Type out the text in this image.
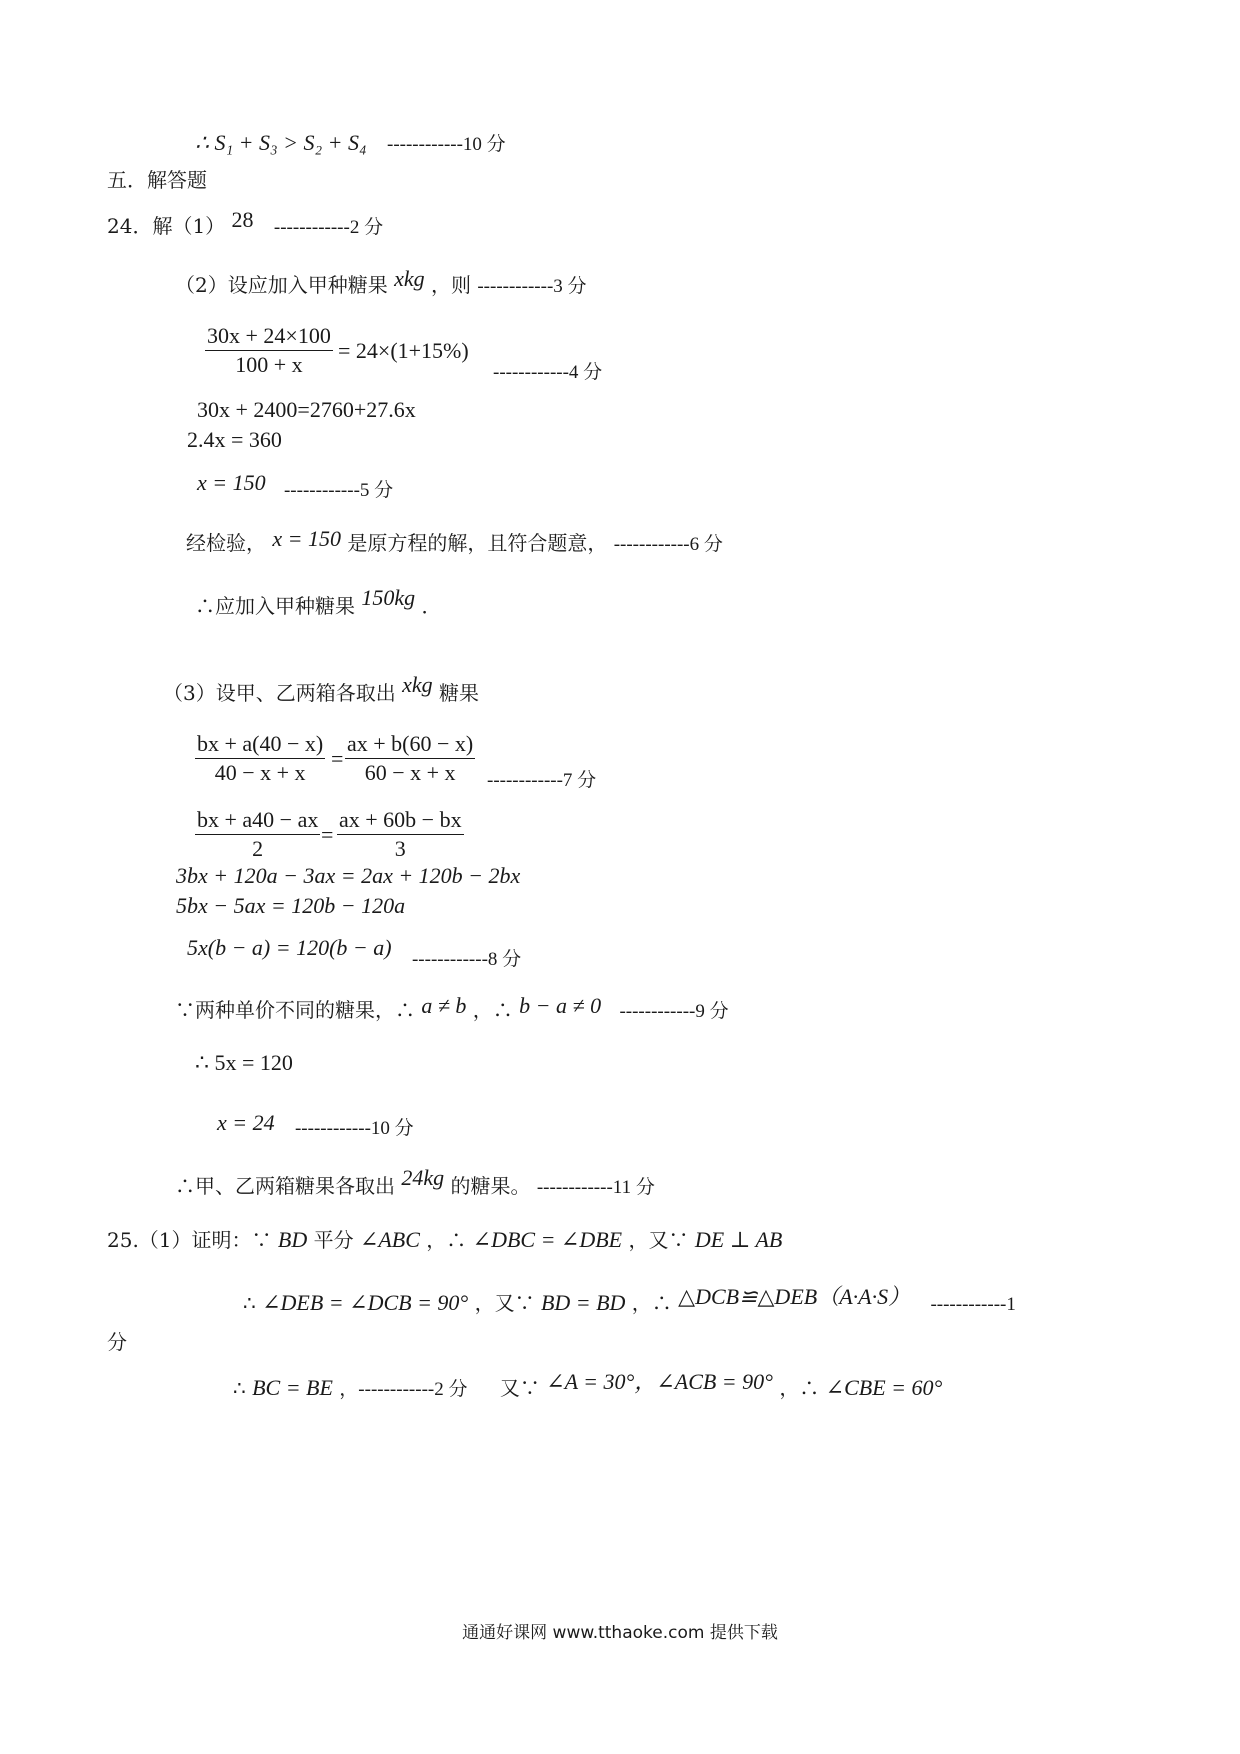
∴ S₁ + S₃ > S₂ + S₄ ------------10 分
五．解答题
24．解（1） 28 ------------2 分
（2）设应加入甲种糖果 xkg ，则 ------------3 分
$\frac{30x + 24\times 100}{100 + x} = 24\times(1+15\%)$
------------4 分
30x + 2400=2760+27.6x
2.4x = 360
x = 150 ------------5 分
经检验， x = 150 是原方程的解，且符合题意， ------------6 分
∴应加入甲种糖果 150kg ．
（3）设甲、乙两箱各取出 xkg 糖果
$\frac{bx + a(40 - x)}{40 - x + x} = \frac{ax + b(60 - x)}{60 - x + x} ------------7$ 分
$\frac{bx + a40 - ax}{2} = \frac{ax + 60b - bx}{3}$
3bx + 120a − 3ax = 2ax + 120b − 2bx
5bx − 5ax = 120b − 120a
5x(b − a) = 120(b − a) ------------8 分
∵两种单价不同的糖果，∴ a ≠ b ，∴ b − a ≠ 0 ------------9 分
∴ 5x = 120
x = 24 ------------10 分
∴甲、乙两箱糖果各取出 24kg 的糖果。 ------------11 分
25.（1）证明：∵ BD 平分 ∠ABC ，∴ ∠DBC = ∠DBE ，又∵ DE ⊥ AB
∴ ∠DEB = ∠DCB = 90° ，又∵ BD = BD ，∴ △DCB≌△DEB（A·A·S） ------------1
分
∴ BC = BE ，------------2 分 又∵ ∠A = 30°，∠ACB = 90° ，∴ ∠CBE = 60°
通通好课网 www.tthaoke.com 提供下载
